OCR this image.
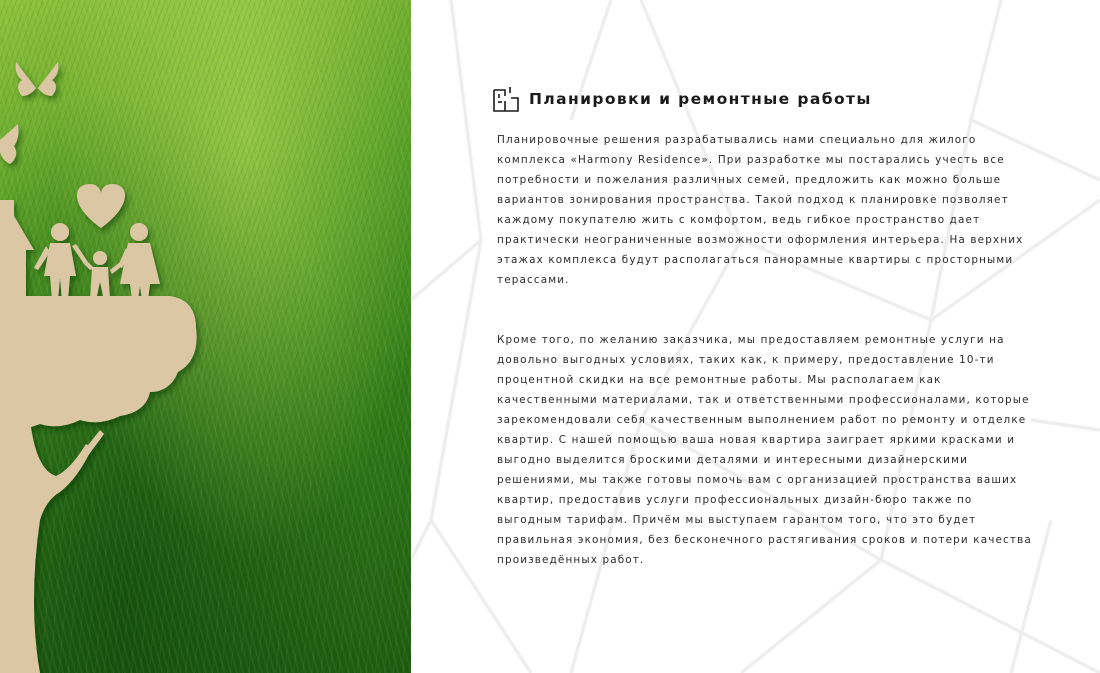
Планировки и ремонтные работы

Планировочные решения разрабатывались нами специально для жилого комплекса «Harmony Residence». При разработке мы постарались учесть все потребности и пожелания различных семей, предложить как можно больше вариантов зонирования пространства. Такой подход к планировке позволяет каждому покупателю жить с комфортом, ведь гибкое пространство дает практически неограниченные возможности оформления интерьера. На верхних этажах комплекса будут располагаться панорамные квартиры с просторными терассами.

Кроме того, по желанию заказчика, мы предоставляем ремонтные услуги на довольно выгодных условиях, таких как, к примеру, предоставление 10-ти процентной скидки на все ремонтные работы. Мы располагаем как качественными материалами, так и ответственными профессионалами, которые зарекомендовали себя качественным выполнением работ по ремонту и отделке квартир. С нашей помощью ваша новая квартира заиграет яркими красками и выгодно выделится броскими деталями и интересными дизайнерскими решениями, мы также готовы помочь вам с организацией пространства ваших квартир, предоставив услуги профессиональных дизайн-бюро также по выгодным тарифам. Причём мы выступаем гарантом того, что это будет правильная экономия, без бесконечного растягивания сроков и потери качества произведённых работ.
